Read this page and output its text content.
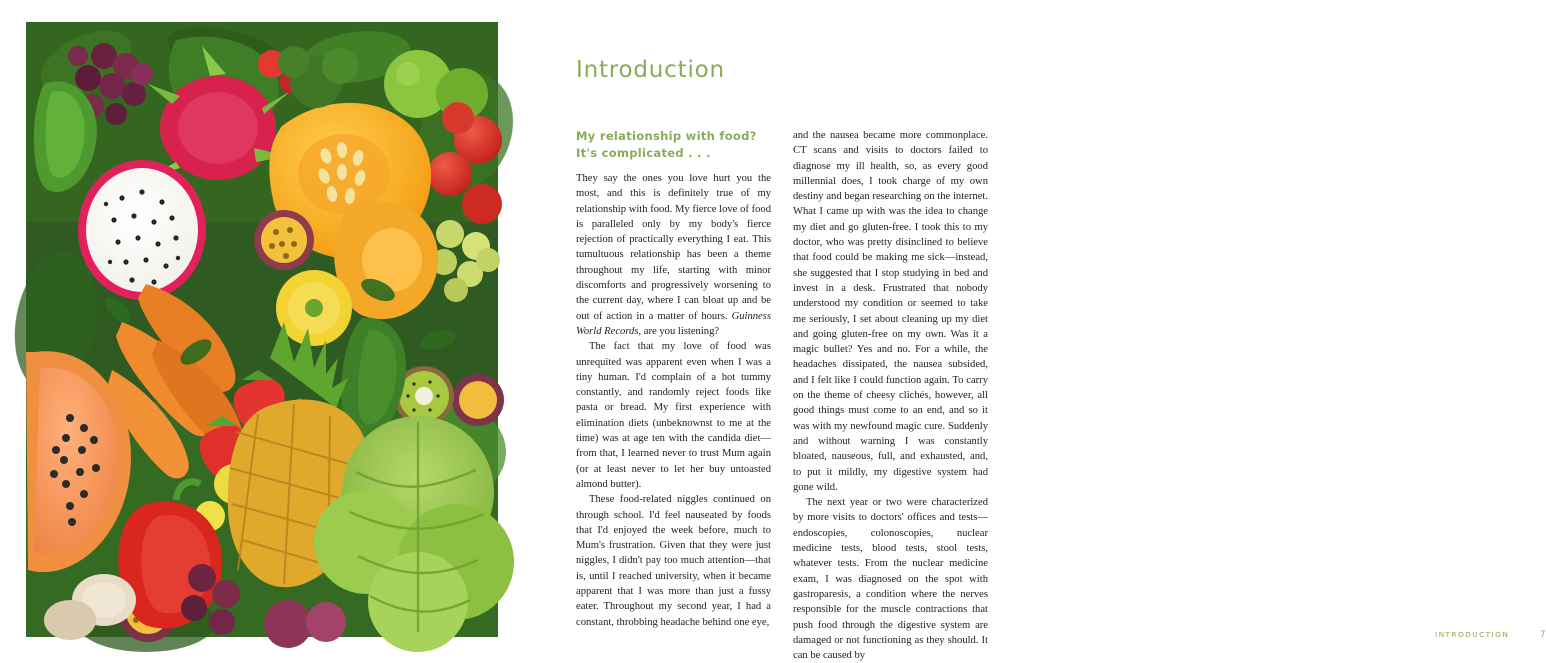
Introduction
My relationship with food? It's complicated . . .

They say the ones you love hurt you the most, and this is definitely true of my relationship with food. My fierce love of food is paralleled only by my body's fierce rejection of practically everything I eat. This tumultuous relationship has been a theme throughout my life, starting with minor discomforts and progressively worsening to the current day, where I can bloat up and be out of action in a matter of hours. Guinness World Records, are you listening?

The fact that my love of food was unrequited was apparent even when I was a tiny human. I'd complain of a hot tummy constantly, and randomly reject foods like pasta or bread. My first experience with elimination diets (unbeknownst to me at the time) was at age ten with the candida diet—from that, I learned never to trust Mum again (or at least never to let her buy untoasted almond butter).

These food-related niggles continued on through school. I'd feel nauseated by foods that I'd enjoyed the week before, much to Mum's frustration. Given that they were just niggles, I didn't pay too much attention—that is, until I reached university, when it became apparent that I was more than just a fussy eater. Throughout my second year, I had a constant, throbbing headache behind one eye,

and the nausea became more commonplace. CT scans and visits to doctors failed to diagnose my ill health, so, as every good millennial does, I took charge of my own destiny and began researching on the internet. What I came up with was the idea to change my diet and go gluten-free. I took this to my doctor, who was pretty disinclined to believe that food could be making me sick—instead, she suggested that I stop studying in bed and invest in a desk. Frustrated that nobody understood my condition or seemed to take me seriously, I set about cleaning up my diet and going gluten-free on my own. Was it a magic bullet? Yes and no. For a while, the headaches dissipated, the nausea subsided, and I felt like I could function again. To carry on the theme of cheesy clichés, however, all good things must come to an end, and so it was with my newfound magic cure. Suddenly and without warning I was constantly bloated, nauseous, full, and exhausted, and, to put it mildly, my digestive system had gone wild.

The next year or two were characterized by more visits to doctors' offices and tests—endoscopies, colonoscopies, nuclear medicine tests, blood tests, stool tests, whatever tests. From the nuclear medicine exam, I was diagnosed on the spot with gastroparesis, a condition where the nerves responsible for the muscle contractions that push food through the digestive system are damaged or not functioning as they should. It can be caused by

INTRODUCTION	7
